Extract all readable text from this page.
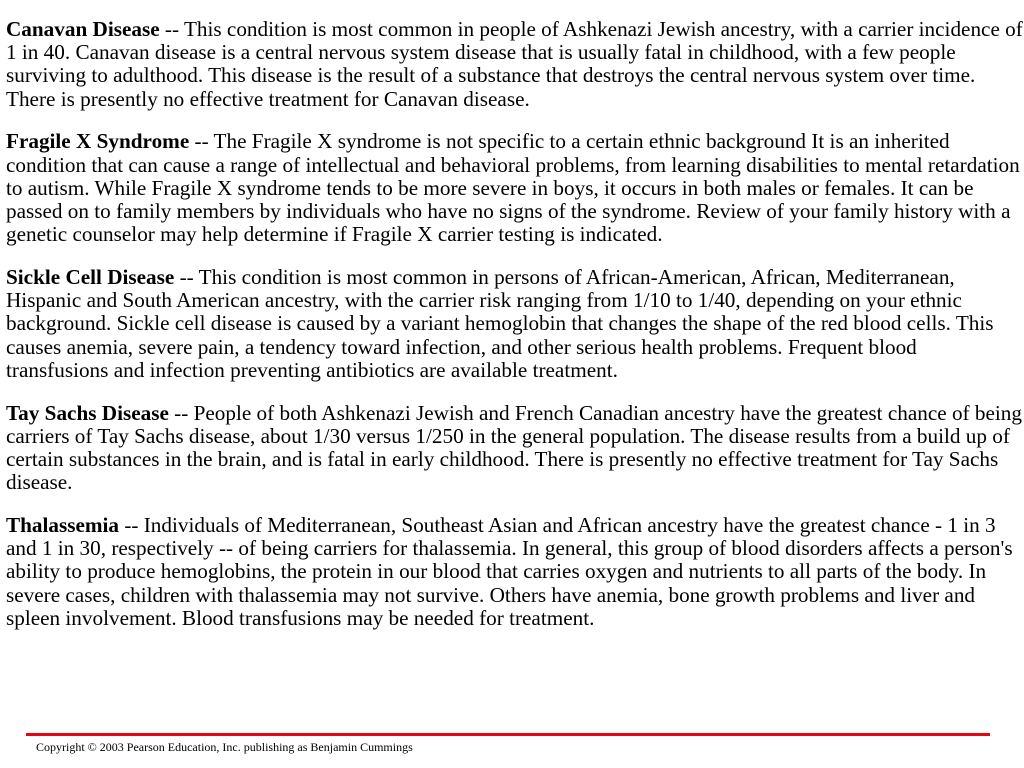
Canavan Disease -- This condition is most common in people of Ashkenazi Jewish ancestry, with a carrier incidence of 1 in 40. Canavan disease is a central nervous system disease that is usually fatal in childhood, with a few people surviving to adulthood. This disease is the result of a substance that destroys the central nervous system over time. There is presently no effective treatment for Canavan disease.

Fragile X Syndrome -- The Fragile X syndrome is not specific to a certain ethnic background It is an inherited condition that can cause a range of intellectual and behavioral problems, from learning disabilities to mental retardation to autism. While Fragile X syndrome tends to be more severe in boys, it occurs in both males or females. It can be passed on to family members by individuals who have no signs of the syndrome. Review of your family history with a genetic counselor may help determine if Fragile X carrier testing is indicated.

Sickle Cell Disease -- This condition is most common in persons of African-American, African, Mediterranean, Hispanic and South American ancestry, with the carrier risk ranging from 1/10 to 1/40, depending on your ethnic background. Sickle cell disease is caused by a variant hemoglobin that changes the shape of the red blood cells. This causes anemia, severe pain, a tendency toward infection, and other serious health problems. Frequent blood transfusions and infection preventing antibiotics are available treatment.

Tay Sachs Disease -- People of both Ashkenazi Jewish and French Canadian ancestry have the greatest chance of being carriers of Tay Sachs disease, about 1/30 versus 1/250 in the general population. The disease results from a build up of certain substances in the brain, and is fatal in early childhood. There is presently no effective treatment for Tay Sachs disease.

Thalassemia -- Individuals of Mediterranean, Southeast Asian and African ancestry have the greatest chance - 1 in 3 and 1 in 30, respectively -- of being carriers for thalassemia. In general, this group of blood disorders affects a person's ability to produce hemoglobins, the protein in our blood that carries oxygen and nutrients to all parts of the body. In severe cases, children with thalassemia may not survive. Others have anemia, bone growth problems and liver and spleen involvement. Blood transfusions may be needed for treatment.

Copyright © 2003 Pearson Education, Inc. publishing as Benjamin Cummings
